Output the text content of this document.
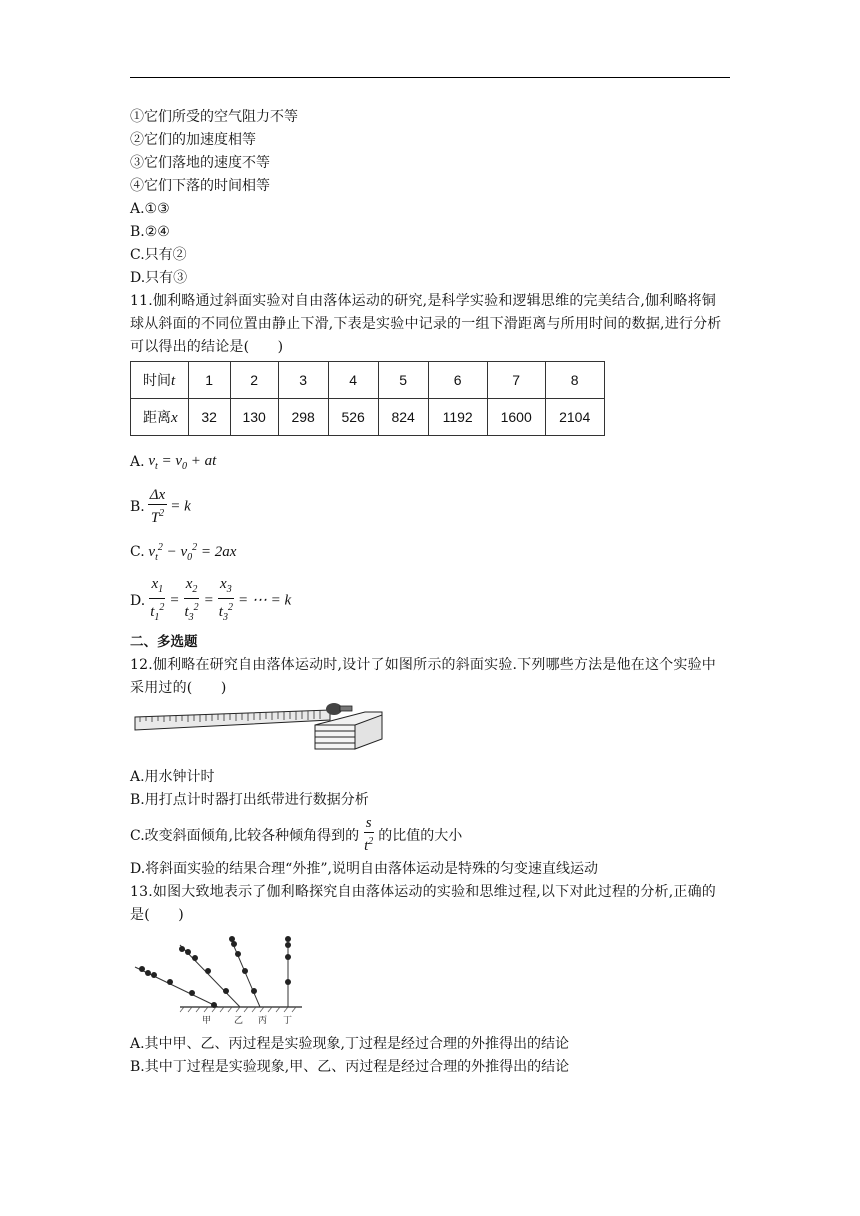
①它们所受的空气阻力不等
②它们的加速度相等
③它们落地的速度不等
④它们下落的时间相等
A.①③
B.②④
C.只有②
D.只有③
11.伽利略通过斜面实验对自由落体运动的研究,是科学实验和逻辑思维的完美结合,伽利略将铜球从斜面的不同位置由静止下滑,下表是实验中记录的一组下滑距离与所用时间的数据,进行分析可以得出的结论是(　　)
时间t	1	2	3	4	5	6	7	8
距离x	32	130	298	526	824	1192	1600	2104
A. $v_t = v_0$ + at
B. $\frac{\Delta x}{T^2} = k$
C. $v_t^2 - v_0^2 = 2ax$
D. $\frac{x_1}{t_1^2} = \frac{x_2}{t_3^2} = \frac{x_3}{t_3^2}$ = ⋯ = k
二、多选题
12.伽利略在研究自由落体运动时,设计了如图所示的斜面实验.下列哪些方法是他在这个实验中采用过的(　　)
A.用水钟计时
B.用打点计时器打出纸带进行数据分析
C.改变斜面倾角,比较各种倾角得到的 $\frac{s}{t^2}$ 的比值的大小
D.将斜面实验的结果合理“外推”,说明自由落体运动是特殊的匀变速直线运动
13.如图大致地表示了伽利略探究自由落体运动的实验和思维过程,以下对此过程的分析,正确的是(　　)
甲	乙 丙 丁
A.其中甲、乙、丙过程是实验现象,丁过程是经过合理的外推得出的结论
B.其中丁过程是实验现象,甲、乙、丙过程是经过合理的外推得出的结论
